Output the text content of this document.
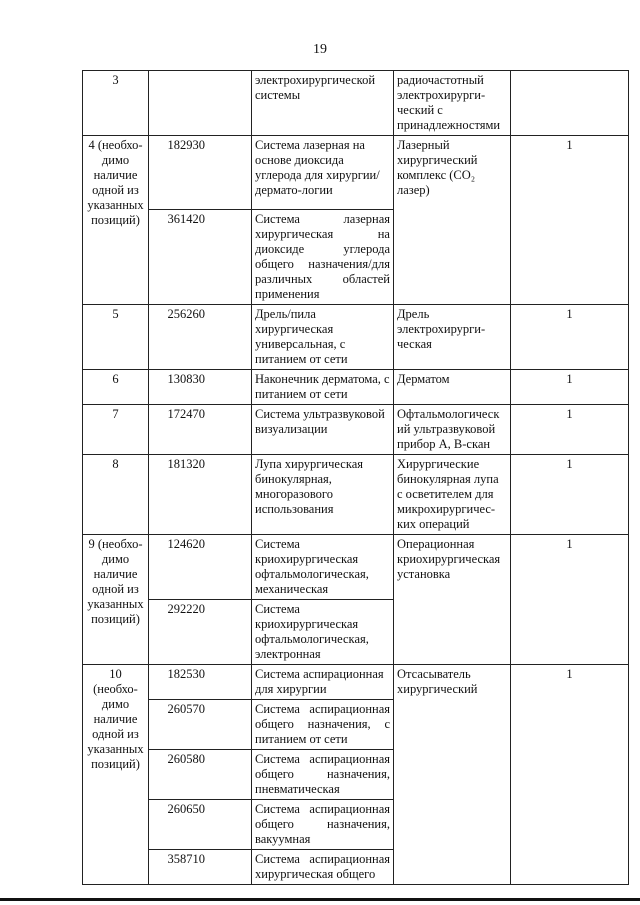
19
3		электрохирургической системы	радиочастотный электрохирурги-ческий с принадлежностями	
4 (необхо-димо наличие одной из указанных позиций)	182930	Система лазерная на основе диоксида углерода для хирургии/дермато-логии	Лазерный хирургический комплекс (CO₂ лазер)	1
	361420	Система лазерная хирургическая на диоксиде углерода общего назначения/для различных областей применения		
5	256260	Дрель/пила хирургическая универсальная, с питанием от сети	Дрель электрохирурги-ческая	1
6	130830	Наконечник дерматома, с питанием от сети	Дерматом	1
7	172470	Система ультразвуковой визуализации	Офтальмологическ ий ультразвуковой прибор А, В-скан	1
8	181320	Лупа хирургическая бинокулярная, многоразового использования	Хирургические бинокулярная лупа с осветителем для микрохирургичес-ких операций	1
9 (необхо-димо наличие одной из указанных позиций)	124620	Система криохирургическая офтальмологическая, механическая	Операционная криохирургическая установка	1
	292220	Система криохирургическая офтальмологическая, электронная		
10 (необхо-димо наличие одной из указанных позиций)	182530	Система аспирационная для хирургии	Отсасыватель хирургический	1
	260570	Система аспирационная общего назначения, с питанием от сети		
	260580	Система аспирационная общего назначения, пневматическая		
	260650	Система аспирационная общего назначения, вакуумная		
	358710	Система аспирационная хирургическая общего		
